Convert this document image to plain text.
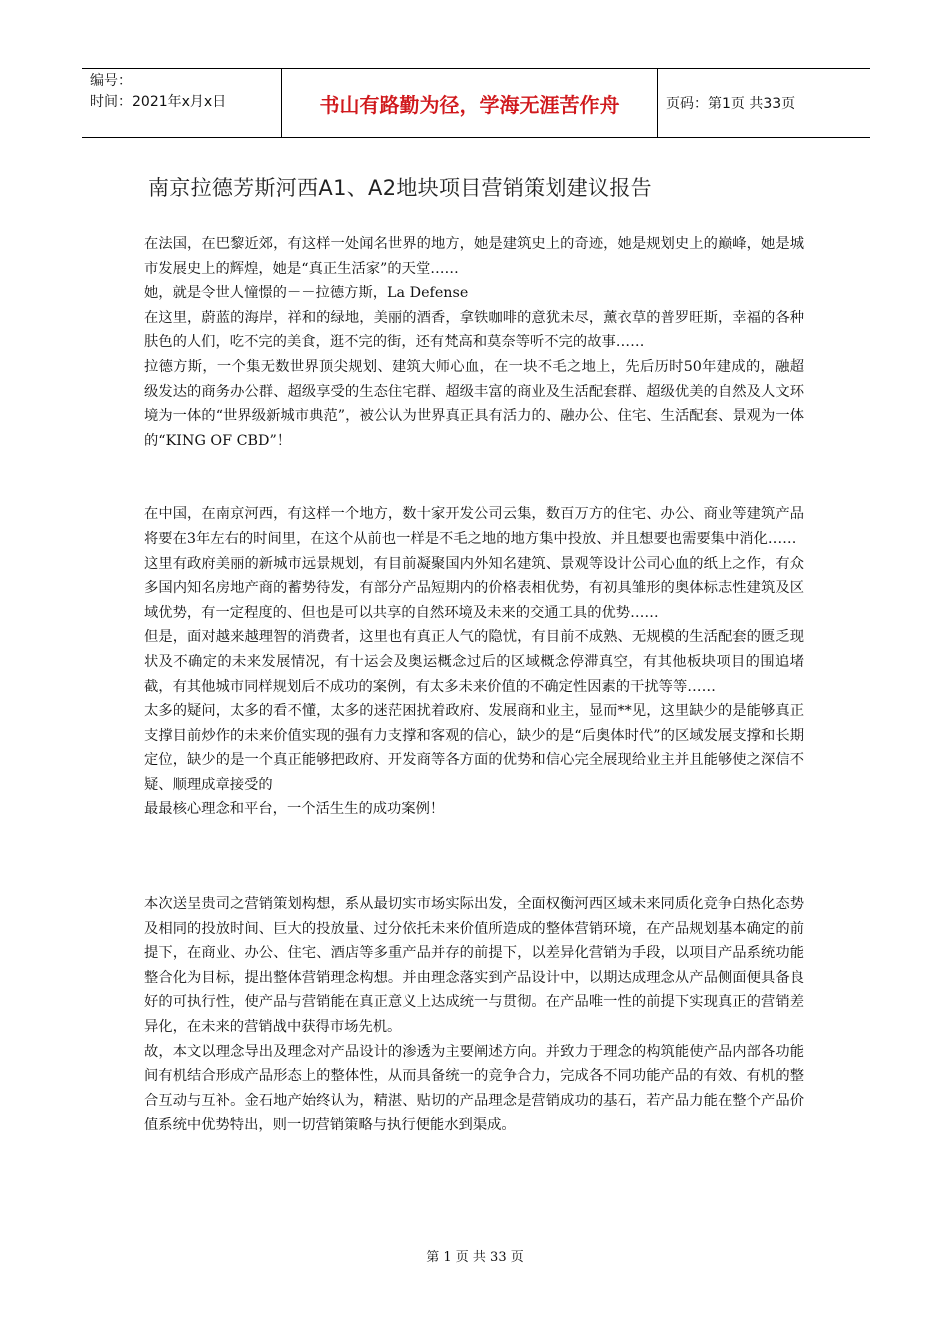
编号：
时间：2021年x月x日	书山有路勤为径，学海无涯苦作舟	页码：第1页 共33页
南京拉德芳斯河西A1、A2地块项目营销策划建议报告

在法国，在巴黎近郊，有这样一处闻名世界的地方，她是建筑史上的奇迹，她是规划史上的巅峰，她是城市发展史上的辉煌，她是“真正生活家”的天堂……

她，就是令世人憧憬的－－拉德方斯，La Defense

在这里，蔚蓝的海岸，祥和的绿地，美丽的酒香，拿铁咖啡的意犹未尽，薰衣草的普罗旺斯，幸福的各种肤色的人们，吃不完的美食，逛不完的街，还有梵高和莫奈等听不完的故事……

拉德方斯，一个集无数世界顶尖规划、建筑大师心血，在一块不毛之地上，先后历时50年建成的，融超级发达的商务办公群、超级享受的生态住宅群、超级丰富的商业及生活配套群、超级优美的自然及人文环境为一体的“世界级新城市典范”，被公认为世界真正具有活力的、融办公、住宅、生活配套、景观为一体的“KING OF CBD”！

在中国，在南京河西，有这样一个地方，数十家开发公司云集，数百万方的住宅、办公、商业等建筑产品将要在3年左右的时间里，在这个从前也一样是不毛之地的地方集中投放、并且想要也需要集中消化……

这里有政府美丽的新城市远景规划，有目前凝聚国内外知名建筑、景观等设计公司心血的纸上之作，有众多国内知名房地产商的蓄势待发，有部分产品短期内的价格表相优势，有初具雏形的奥体标志性建筑及区域优势，有一定程度的、但也是可以共享的自然环境及未来的交通工具的优势……

但是，面对越来越理智的消费者，这里也有真正人气的隐忧，有目前不成熟、无规模的生活配套的匮乏现状及不确定的未来发展情况，有十运会及奥运概念过后的区域概念停滞真空，有其他板块项目的围追堵截，有其他城市同样规划后不成功的案例，有太多未来价值的不确定性因素的干扰等等……

太多的疑问，太多的看不懂，太多的迷茫困扰着政府、发展商和业主，显而**见，这里缺少的是能够真正支撑目前炒作的未来价值实现的强有力支撑和客观的信心，缺少的是“后奥体时代”的区域发展支撑和长期定位，缺少的是一个真正能够把政府、开发商等各方面的优势和信心完全展现给业主并且能够使之深信不疑、顺理成章接受的

最最核心理念和平台，一个活生生的成功案例！

本次送呈贵司之营销策划构想，系从最切实市场实际出发，全面权衡河西区域未来同质化竞争白热化态势及相同的投放时间、巨大的投放量、过分依托未来价值所造成的整体营销环境，在产品规划基本确定的前提下，在商业、办公、住宅、酒店等多重产品并存的前提下，以差异化营销为手段，以项目产品系统功能整合化为目标，提出整体营销理念构想。并由理念落实到产品设计中，以期达成理念从产品侧面便具备良好的可执行性，使产品与营销能在真正意义上达成统一与贯彻。在产品唯一性的前提下实现真正的营销差异化，在未来的营销战中获得市场先机。

故，本文以理念导出及理念对产品设计的渗透为主要阐述方向。并致力于理念的构筑能使产品内部各功能间有机结合形成产品形态上的整体性，从而具备统一的竞争合力，完成各不同功能产品的有效、有机的整合互动与互补。金石地产始终认为，精湛、贴切的产品理念是营销成功的基石，若产品力能在整个产品价值系统中优势特出，则一切营销策略与执行便能水到渠成。

第 1 页 共 33 页
